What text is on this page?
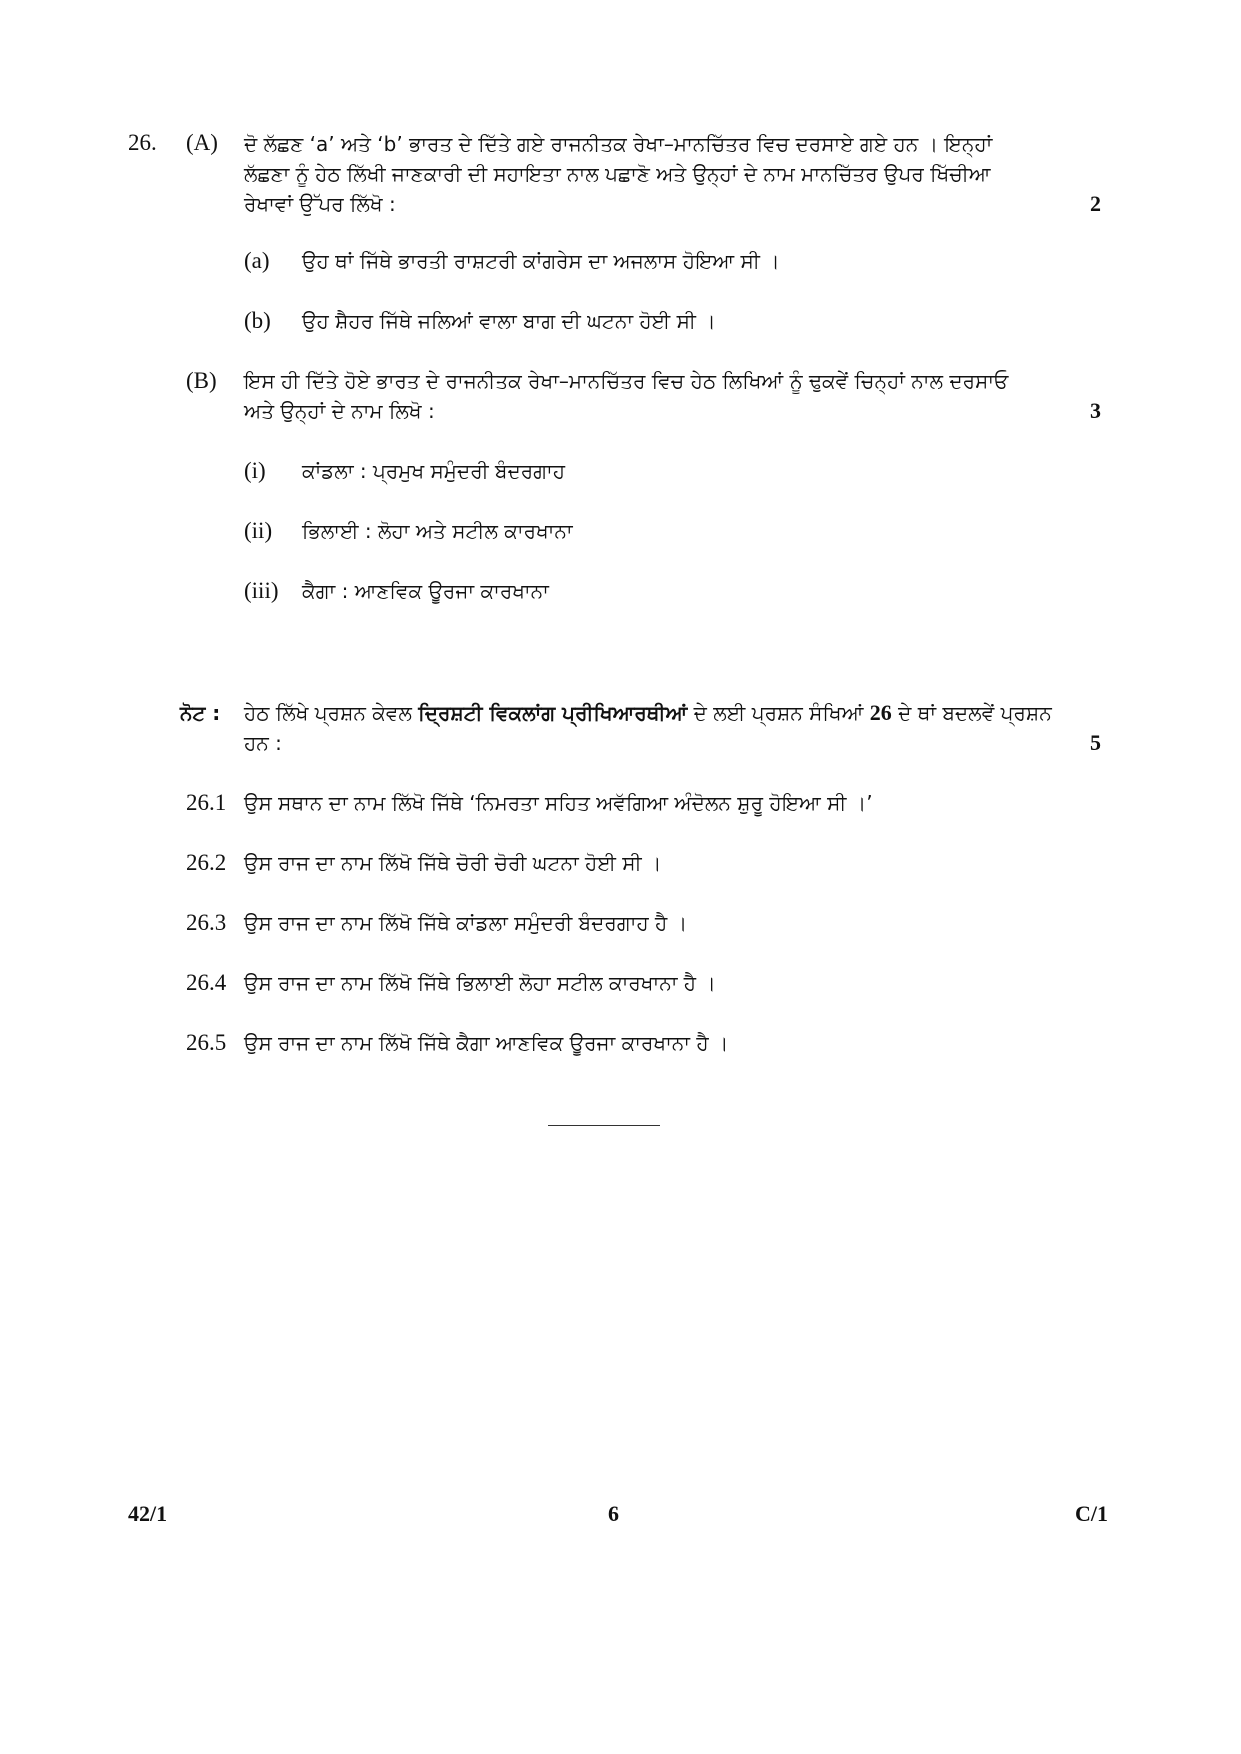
26. (A) ਦੋ ਲੱਛਣ ‘a’ ਅਤੇ ‘b’ ਭਾਰਤ ਦੇ ਦਿੱਤੇ ਗਏ ਰਾਜਨੀਤਕ ਰੇਖਾ–ਮਾਨਚਿੱਤਰ ਵਿਚ ਦਰਸਾਏ ਗਏ ਹਨ । ਇਨ੍ਹਾਂ
ਲੱਛਣਾ ਨੂੰ ਹੇਠ ਲਿੱਖੀ ਜਾਣਕਾਰੀ ਦੀ ਸਹਾਇਤਾ ਨਾਲ ਪਛਾਣੋ ਅਤੇ ਉਨ੍ਹਾਂ ਦੇ ਨਾਮ ਮਾਨਚਿੱਤਰ ਉਪਰ ਖਿੱਚੀਆ
ਰੇਖਾਵਾਂ ਉੱਪਰ ਲਿੱਖੋ :	2
(a) ਉਹ ਥਾਂ ਜਿੱਥੇ ਭਾਰਤੀ ਰਾਸ਼ਟਰੀ ਕਾਂਗਰੇਸ ਦਾ ਅਜਲਾਸ ਹੋਇਆ ਸੀ ।
(b) ਉਹ ਸ਼ੈਹਰ ਜਿੱਥੇ ਜਲਿਆਂ ਵਾਲਾ ਬਾਗ ਦੀ ਘਟਨਾ ਹੋਈ ਸੀ ।
(B) ਇਸ ਹੀ ਦਿੱਤੇ ਹੋਏ ਭਾਰਤ ਦੇ ਰਾਜਨੀਤਕ ਰੇਖਾ–ਮਾਨਚਿੱਤਰ ਵਿਚ ਹੇਠ ਲਿਖਿਆਂ ਨੂੰ ਢੁਕਵੇਂ ਚਿਨ੍ਹਾਂ ਨਾਲ ਦਰਸਾਓ
ਅਤੇ ਉਨ੍ਹਾਂ ਦੇ ਨਾਮ ਲਿਖੋ :	3
(i) ਕਾਂਡਲਾ : ਪ੍ਰਮੁਖ ਸਮੁੰਦਰੀ ਬੰਦਰਗਾਹ
(ii) ਭਿਲਾਈ : ਲੋਹਾ ਅਤੇ ਸਟੀਲ ਕਾਰਖਾਨਾ
(iii) ਕੈਗਾ : ਆਣਵਿਕ ਊਰਜਾ ਕਾਰਖਾਨਾ
ਨੋਟ : ਹੇਠ ਲਿੱਖੇ ਪ੍ਰਸ਼ਨ ਕੇਵਲ ਦ੍ਰਿਸ਼ਟੀ ਵਿਕਲਾਂਗ ਪ੍ਰੀਖਿਆਰਥੀਆਂ ਦੇ ਲਈ ਪ੍ਰਸ਼ਨ ਸੰਖਿਆਂ 26 ਦੇ ਥਾਂ ਬਦਲਵੇਂ ਪ੍ਰਸ਼ਨ
ਹਨ :	5
26.1 ਉਸ ਸਥਾਨ ਦਾ ਨਾਮ ਲਿੱਖੋ ਜਿੱਥੇ ‘ਨਿਮਰਤਾ ਸਹਿਤ ਅਵੱਗਿਆ ਅੰਦੋਲਨ ਸ਼ੁਰੂ ਹੋਇਆ ਸੀ ।’
26.2 ਉਸ ਰਾਜ ਦਾ ਨਾਮ ਲਿੱਖੋ ਜਿੱਥੇ ਚੋਰੀ ਚੋਰੀ ਘਟਨਾ ਹੋਈ ਸੀ ।
26.3 ਉਸ ਰਾਜ ਦਾ ਨਾਮ ਲਿੱਖੋ ਜਿੱਥੇ ਕਾਂਡਲਾ ਸਮੁੰਦਰੀ ਬੰਦਰਗਾਹ ਹੈ ।
26.4 ਉਸ ਰਾਜ ਦਾ ਨਾਮ ਲਿੱਖੋ ਜਿੱਥੇ ਭਿਲਾਈ ਲੋਹਾ ਸਟੀਲ ਕਾਰਖਾਨਾ ਹੈ ।
26.5 ਉਸ ਰਾਜ ਦਾ ਨਾਮ ਲਿੱਖੋ ਜਿੱਥੇ ਕੈਗਾ ਆਣਵਿਕ ਊਰਜਾ ਕਾਰਖਾਨਾ ਹੈ ।
42/1	6	C/1
